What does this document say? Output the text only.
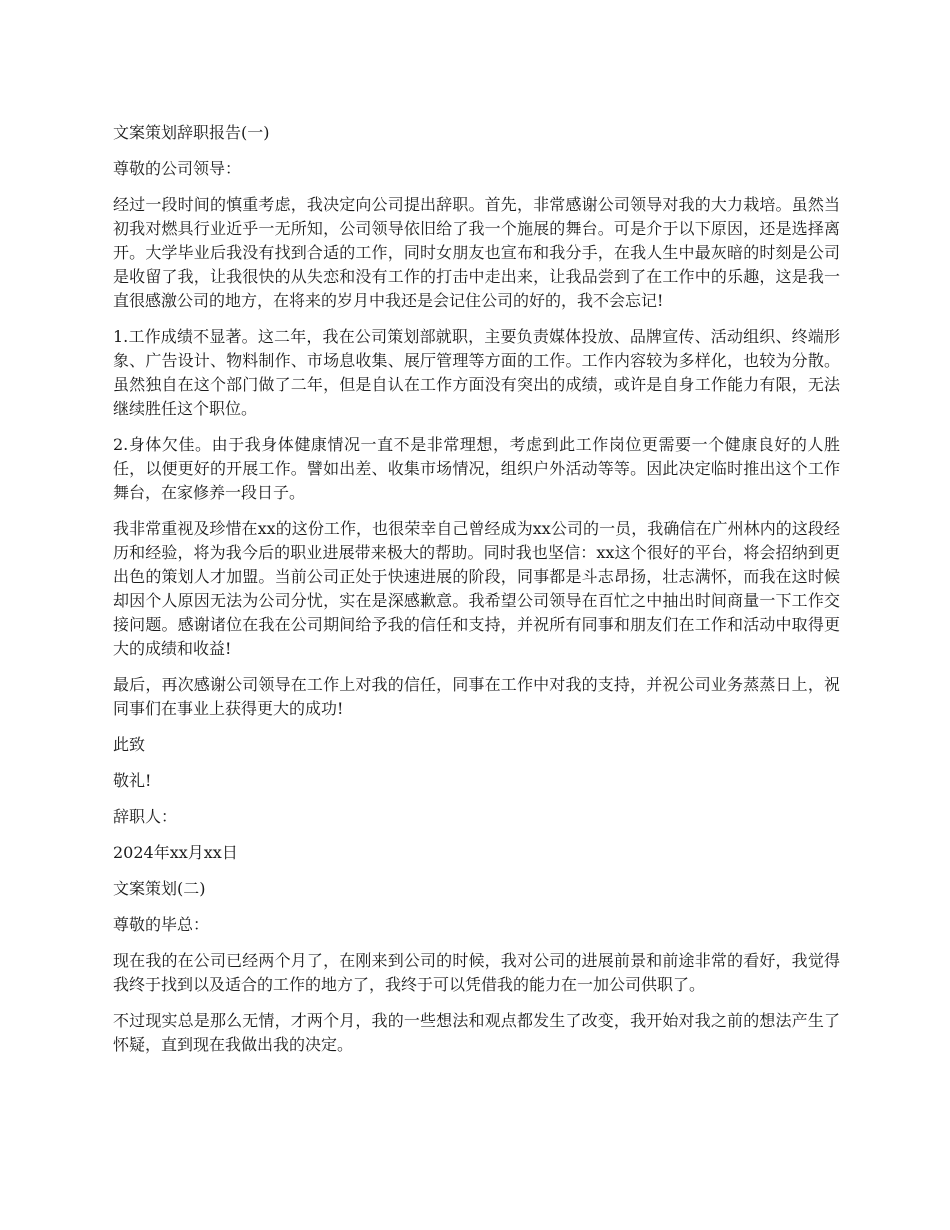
文案策划辞职报告(一)

尊敬的公司领导：

经过一段时间的慎重考虑，我决定向公司提出辞职。首先，非常感谢公司领导对我的大力栽培。虽然当初我对燃具行业近乎一无所知，公司领导依旧给了我一个施展的舞台。可是介于以下原因，还是选择离开。大学毕业后我没有找到合适的工作，同时女朋友也宣布和我分手，在我人生中最灰暗的时刻是公司是收留了我，让我很快的从失恋和没有工作的打击中走出来，让我品尝到了在工作中的乐趣，这是我一直很感激公司的地方，在将来的岁月中我还是会记住公司的好的，我不会忘记!

1.工作成绩不显著。这二年，我在公司策划部就职，主要负责媒体投放、品牌宣传、活动组织、终端形象、广告设计、物料制作、市场息收集、展厅管理等方面的工作。工作内容较为多样化，也较为分散。虽然独自在这个部门做了二年，但是自认在工作方面没有突出的成绩，或许是自身工作能力有限，无法继续胜任这个职位。

2.身体欠佳。由于我身体健康情况一直不是非常理想，考虑到此工作岗位更需要一个健康良好的人胜任，以便更好的开展工作。譬如出差、收集市场情况，组织户外活动等等。因此决定临时推出这个工作舞台，在家修养一段日子。

我非常重视及珍惜在xx的这份工作，也很荣幸自己曾经成为xx公司的一员，我确信在广州林内的这段经历和经验，将为我今后的职业进展带来极大的帮助。同时我也坚信：xx这个很好的平台，将会招纳到更出色的策划人才加盟。当前公司正处于快速进展的阶段，同事都是斗志昂扬，壮志满怀，而我在这时候却因个人原因无法为公司分忧，实在是深感歉意。我希望公司领导在百忙之中抽出时间商量一下工作交接问题。感谢诸位在我在公司期间给予我的信任和支持，并祝所有同事和朋友们在工作和活动中取得更大的成绩和收益!

最后，再次感谢公司领导在工作上对我的信任，同事在工作中对我的支持，并祝公司业务蒸蒸日上，祝同事们在事业上获得更大的成功!

此致

敬礼!

辞职人：

2024年xx月xx日

文案策划(二)

尊敬的毕总：

现在我的在公司已经两个月了，在刚来到公司的时候，我对公司的进展前景和前途非常的看好，我觉得我终于找到以及适合的工作的地方了，我终于可以凭借我的能力在一加公司供职了。

不过现实总是那么无情，才两个月，我的一些想法和观点都发生了改变，我开始对我之前的想法产生了怀疑，直到现在我做出我的决定。
